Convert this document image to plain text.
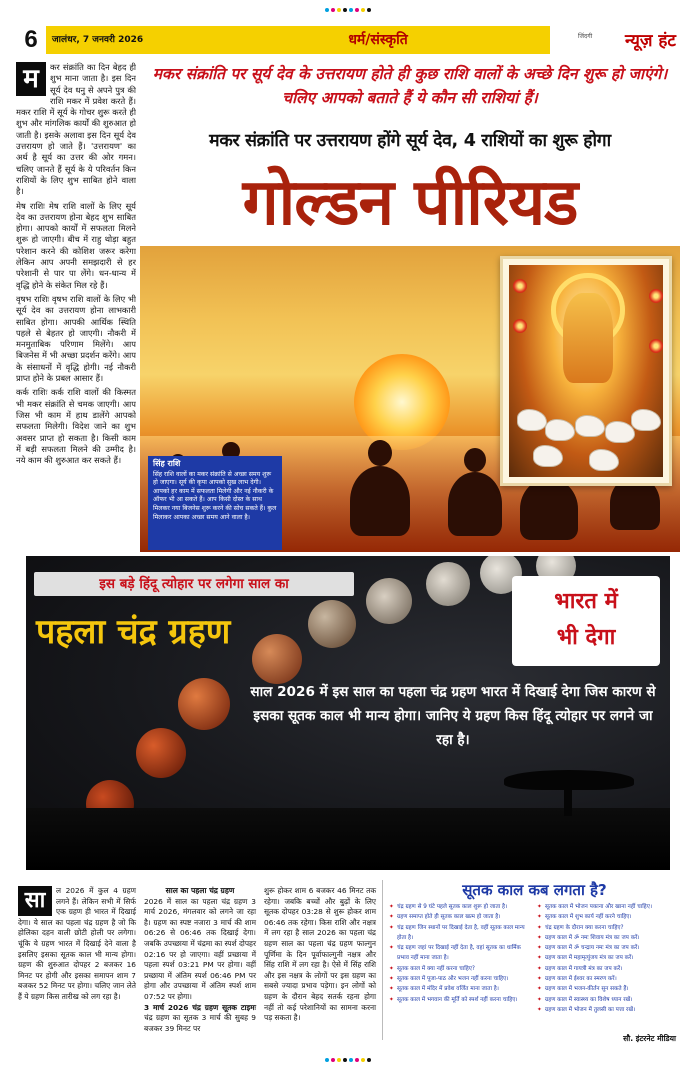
6	जालंधर, 7 जनवरी 2026	धर्म/संस्कृति	जिंदगी न्यूज़ हंट
म	कर संक्रांति का दिन बेहद ही शुभ माना जाता है। इस दिन सूर्य देव धनु से अपने पुत्र की राशि मकर में प्रवेश करते हैं। मकर राशि में सूर्य के गोचर शुरू करते ही शुभ और मांगलिक कार्यों की शुरुआत हो जाती है। इसके अलावा इस दिन सूर्य देव उत्तरायण हो जाते हैं। 'उत्तरायण' का अर्थ है सूर्य का उत्तर की ओर गमन। चलिए जानते हैं सूर्य के ये परिवर्तन किन राशियों के लिए शुभ साबित होने वाला है।

मेष राशिः मेष राशि वालों के लिए सूर्य देव का उत्तरायण होना बेहद शुभ साबित होगा। आपको कार्यों में सफलता मिलने शुरू हो जाएगी। बीच में राहु थोड़ा बहुत परेशान करने की कोशिश जरूर करेगा लेकिन आप अपनी समझदारी से हर परेशानी से पार पा लेंगे। धन-धान्य में वृद्धि होने के संकेत मिल रहे हैं।

वृषभ राशिः वृषभ राशि वालों के लिए भी सूर्य देव का उत्तरायण होना लाभकारी साबित होगा। आपकी आर्थिक स्थिति पहले से बेहतर हो जाएगी। नौकरी में मनमुताबिक परिणाम मिलेंगे। आप बिजनेस में भी अच्छा प्रदर्शन करेंगे। आप के संसाधनों में वृद्धि होगी। नई नौकरी प्राप्त होने के प्रबल आसार हैं।

कर्क राशिः कर्क राशि वालों की किस्मत भी मकर संक्रांति से चमक जाएगी। आप जिस भी काम में हाथ डालेंगे आपको सफलता मिलेगी। विदेश जाने का शुभ अवसर प्राप्त हो सकता है। किसी काम में बड़ी सफलता मिलने की उम्मीद है। नये काम की शुरुआत कर सकते हैं।

मकर संक्रांति पर सूर्य देव के उत्तरायण होते ही कुछ राशि वालों के अच्छे दिन शुरू हो जाएंगे। चलिए आपको बताते हैं ये कौन सी राशियां हैं।
मकर संक्रांति पर उत्तरायण होंगे सूर्य देव, 4 राशियों का शुरू होगा
गोल्डन पीरियड
सिंह राशि
सिंह राशि वालों का मकर संक्रांति से अच्छा समय शुरू हो जाएगा। सूर्य की कृपा आपको सुख लाभ देगी। आपको हर काम में सफलता मिलेगी और नई नौकरी के ऑफर भी आ सकते हैं। आप किसी दोस्त के साथ मिलकर नया बिजनेस शुरू करने की सोच सकते हैं। कुल मिलाकर आपका अच्छा समय आने वाला है।
इस बड़े हिंदू त्योहार पर लगेगा साल का
पहला चंद्र ग्रहण
भारत में
भी देगा
साल 2026 में इस साल का पहला चंद्र ग्रहण भारत में दिखाई देगा जिस कारण से इसका सूतक काल भी मान्य होगा। जानिए ये ग्रहण किस हिंदू त्योहार पर लगने जा रहा है।
सा	ल 2026 में कुल 4 ग्रहण लगने हैं। लेकिन सभी में सिर्फ एक ग्रहण ही भारत में दिखाई देगा। ये साल का पहला चंद्र ग्रहण है जो कि होलिका दहन वाली छोटी होली पर लगेगा। चूंकि ये ग्रहण भारत में दिखाई देने वाला है इसलिए इसका सूतक काल भी मान्य होगा। ग्रहण की शुरुआत दोपहर 2 बजकर 16 मिनट पर होगी और इसका समापन शाम 7 बजकर 52 मिनट पर होगा। चलिए जान लेते हैं ये ग्रहण किस तारीख को लग रहा है।
साल का पहला चंद्र ग्रहण
2026 में साल का पहला चंद्र ग्रहण 3 मार्च 2026, मंगलवार को लगने जा रहा है। ग्रहण का स्पष्ट नजारा 3 मार्च की शाम 06:26 से 06:46 तक दिखाई देगा। जबकि उपच्छाया में चंद्रमा का स्पर्श दोपहर 02:16 पर हो जाएगा। वहीं प्रच्छाया में पहला स्पर्श 03:21 PM पर होगा। वहीं प्रच्छाया में अंतिम स्पर्श 06:46 PM पर होगा और उपच्छाया में अंतिम स्पर्श शाम 07:52 पर होगा।
3 मार्च 2026 चंद्र ग्रहण सूतक टाइमः चंद्र ग्रहण का सूतक 3 मार्च की सुबह 9 बजकर 39 मिनट पर
शुरू होकर शाम 6 बजकर 46 मिनट तक रहेगा। जबकि बच्चों और बुढ़ों के लिए सूतक दोपहर 03:28 से शुरू होकर शाम 06:46 तक रहेगा। किस राशि और नक्षत्र में लग रहा है साल 2026 का पहला चंद्र ग्रहण साल का पहला चंद्र ग्रहण फाल्गुन पूर्णिमा के दिन पूर्वाफाल्गुनी नक्षत्र और सिंह राशि में लग रहा है। ऐसे में सिंह राशि और इस नक्षत्र के लोगों पर इस ग्रहण का सबसे ज्यादा प्रभाव पड़ेगा। इन लोगों को ग्रहण के दौरान बेहद सतर्क रहना होगा नहीं तो कई परेशानियों का सामना करना पड़ सकता है।
सूतक काल कब लगता है?
✦ चंद्र ग्रहण से 9 घंटे पहले सूतक काल शुरू हो जाता है।
✦ ग्रहण समाप्त होते ही सूतक काल खत्म हो जाता है।
✦ चंद्र ग्रहण जिन स्थानों पर दिखाई देता है, वहीं सूतक काल मान्य होता है।
✦ चंद्र ग्रहण जहां पर दिखाई नहीं देता है, वहां सूतक का धार्मिक प्रभाव नहीं माना जाता है।
✦ सूतक काल में क्या नहीं करना चाहिए?
✦ सूतक काल में पूजा-पाठ और भजन नहीं करना चाहिए।
✦ सूतक काल में मंदिर में प्रवेश वर्जित माना जाता है।
✦ सूतक काल में भगवान की मूर्ति को स्पर्श नहीं करना चाहिए।
✦ सूतक काल में भोजन पकाना और खाना नहीं चाहिए।
✦ सूतक काल में शुभ कार्य नहीं करने चाहिए।
✦ चंद्र ग्रहण के दौरान क्या करना चाहिए?
✦ ग्रहण काल में ॐ नमः शिवाय मंत्र का जप करें।
✦ ग्रहण काल में ॐ चन्द्राय नमः मंत्र का जप करें।
✦ ग्रहण काल में महामृत्युंजय मंत्र का जप करें।
✦ ग्रहण काल में गायत्री मंत्र का जप करें।
✦ ग्रहण काल में ईश्वर का स्मरण करें।
✦ ग्रहण काल में भजन-कीर्तन सुन सकते हैं।
✦ ग्रहण काल में स्वास्थ्य का विशेष ध्यान रखें।
✦ ग्रहण काल में भोजन में तुलसी का पत्ता रखें।
सौ. इंटरनेट मीडिया
